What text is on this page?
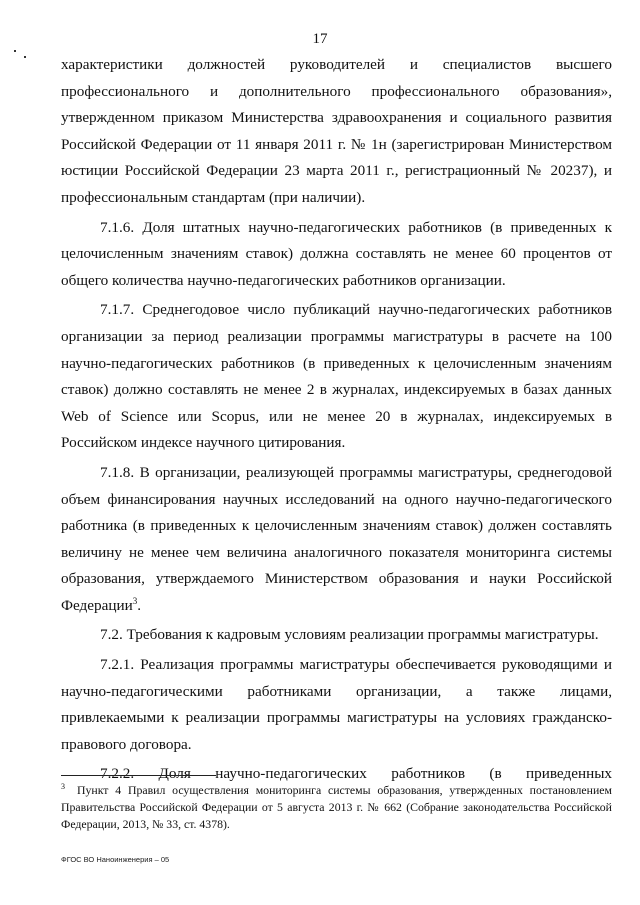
17

характеристики должностей руководителей и специалистов высшего профессионального и дополнительного профессионального образования», утвержденном приказом Министерства здравоохранения и социального развития Российской Федерации от 11 января 2011 г. № 1н (зарегистрирован Министерством юстиции Российской Федерации 23 марта 2011 г., регистрационный № 20237), и профессиональным стандартам (при наличии).

7.1.6. Доля штатных научно-педагогических работников (в приведенных к целочисленным значениям ставок) должна составлять не менее 60 процентов от общего количества научно-педагогических работников организации.

7.1.7. Среднегодовое число публикаций научно-педагогических работников организации за период реализации программы магистратуры в расчете на 100 научно-педагогических работников (в приведенных к целочисленным значениям ставок) должно составлять не менее 2 в журналах, индексируемых в базах данных Web of Science или Scopus, или не менее 20 в журналах, индексируемых в Российском индексе научного цитирования.

7.1.8. В организации, реализующей программы магистратуры, среднегодовой объем финансирования научных исследований на одного научно-педагогического работника (в приведенных к целочисленным значениям ставок) должен составлять величину не менее чем величина аналогичного показателя мониторинга системы образования, утверждаемого Министерством образования и науки Российской Федерации$^3$.

7.2. Требования к кадровым условиям реализации программы магистратуры.

7.2.1. Реализация программы магистратуры обеспечивается руководящими и научно-педагогическими работниками организации, а также лицами, привлекаемыми к реализации программы магистратуры на условиях гражданско-правового договора.

7.2.2. Доля научно-педагогических работников (в приведенных

$^3$ Пункт 4 Правил осуществления мониторинга системы образования, утвержденных постановлением Правительства Российской Федерации от 5 августа 2013 г. № 662 (Собрание законодательства Российской Федерации, 2013, № 33, ст. 4378).
ФГОС ВО Наноинженерия – 05
